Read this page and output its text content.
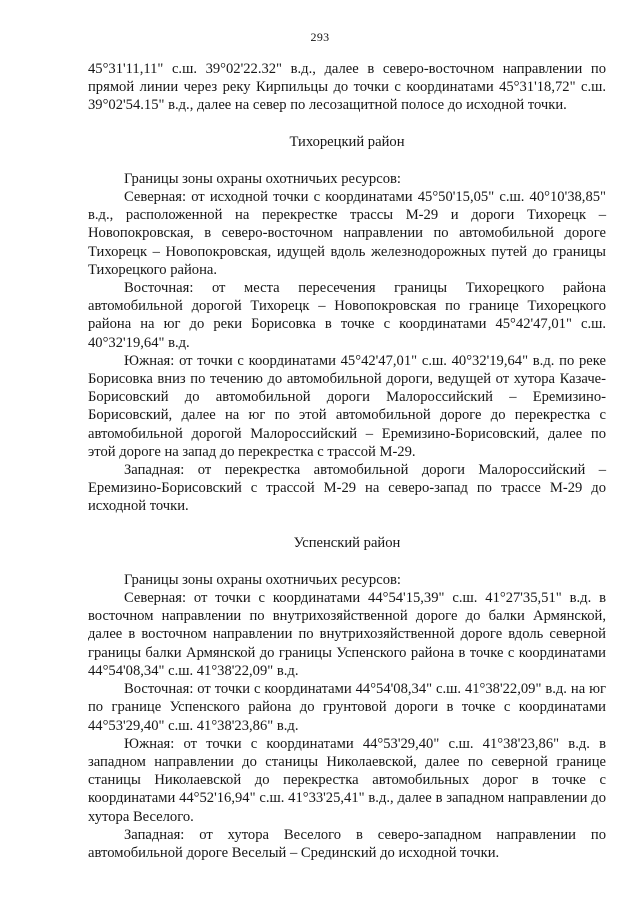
293

45°31'11,11" с.ш. 39°02'22.32" в.д., далее в северо-восточном направлении по прямой линии через реку Кирпильцы до точки с координатами 45°31'18,72" с.ш. 39°02'54.15" в.д., далее на север по лесозащитной полосе до исходной точки.

Тихорецкий район

Границы зоны охраны охотничьих ресурсов:

Северная: от исходной точки с координатами 45°50'15,05" с.ш. 40°10'38,85" в.д., расположенной на перекрестке трассы М-29 и дороги Тихорецк – Новопокровская, в северо-восточном направлении по автомобильной дороге Тихорецк – Новопокровская, идущей вдоль железнодорожных путей до границы Тихорецкого района.

Восточная: от места пересечения границы Тихорецкого района автомобильной дорогой Тихорецк – Новопокровская по границе Тихорецкого района на юг до реки Борисовка в точке с координатами 45°42'47,01" с.ш. 40°32'19,64" в.д.

Южная: от точки с координатами 45°42'47,01" с.ш. 40°32'19,64" в.д. по реке Борисовка вниз по течению до автомобильной дороги, ведущей от хутора Казаче-Борисовский до автомобильной дороги Малороссийский – Еремизино-Борисовский, далее на юг по этой автомобильной дороге до перекрестка с автомобильной дорогой Малороссийский – Еремизино-Борисовский, далее по этой дороге на запад до перекрестка с трассой М-29.

Западная: от перекрестка автомобильной дороги Малороссийский – Еремизино-Борисовский с трассой М-29 на северо-запад по трассе М-29 до исходной точки.

Успенский район

Границы зоны охраны охотничьих ресурсов:

Северная: от точки с координатами 44°54'15,39" с.ш. 41°27'35,51" в.д. в восточном направлении по внутрихозяйственной дороге до балки Армянской, далее в восточном направлении по внутрихозяйственной дороге вдоль северной границы балки Армянской до границы Успенского района в точке с координатами 44°54'08,34" с.ш. 41°38'22,09" в.д.

Восточная: от точки с координатами 44°54'08,34" с.ш. 41°38'22,09" в.д. на юг по границе Успенского района до грунтовой дороги в точке с координатами 44°53'29,40" с.ш. 41°38'23,86" в.д.

Южная: от точки с координатами 44°53'29,40" с.ш. 41°38'23,86" в.д. в западном направлении до станицы Николаевской, далее по северной границе станицы Николаевской до перекрестка автомобильных дорог в точке с координатами 44°52'16,94" с.ш. 41°33'25,41" в.д., далее в западном направлении до хутора Веселого.

Западная: от хутора Веселого в северо-западном направлении по автомобильной дороге Веселый – Срединский до исходной точки.
